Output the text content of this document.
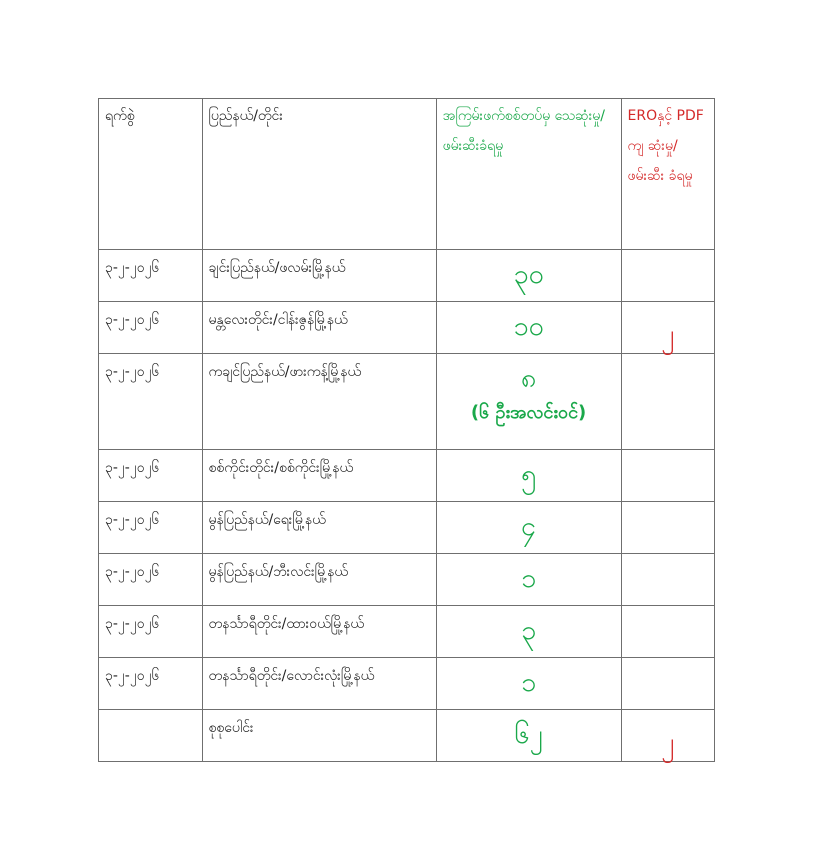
ရက်စွဲ	ပြည်နယ်/တိုင်း	အကြမ်းဖက်စစ်တပ်မှ သေဆုံးမှု/ ဖမ်းဆီးခံရမှု	EROနှင့် PDF ကျ ဆုံးမှု/ ဖမ်းဆီး ခံရမှု

၃-၂-၂၀၂၆	ချင်းပြည်နယ်/ဖလမ်းမြို့နယ်	၃၀	

၃-၂-၂၀၂၆	မန္တလေးတိုင်း/ငါန်းဇွန်မြို့နယ်	၁၀	၂

၃-၂-၂၀၂၆	ကချင်ပြည်နယ်/ဖားကန့်မြို့နယ်	၈
(၆ ဦးအလင်းဝင်)	

၃-၂-၂၀၂၆	စစ်ကိုင်းတိုင်း/စစ်ကိုင်းမြို့နယ်	၅	

၃-၂-၂၀၂၆	မွန်ပြည်နယ်/ရေးမြို့နယ်	၄	

၃-၂-၂၀၂၆	မွန်ပြည်နယ်/ဘီးလင်းမြို့နယ်	၁	

၃-၂-၂၀၂၆	တနင်္သာရီတိုင်း/ထားဝယ်မြို့နယ်	၃	

၃-၂-၂၀၂၆	တနင်္သာရီတိုင်း/လောင်းလုံးမြို့နယ်	၁	

	စုစုပေါင်း	၆၂	၂
